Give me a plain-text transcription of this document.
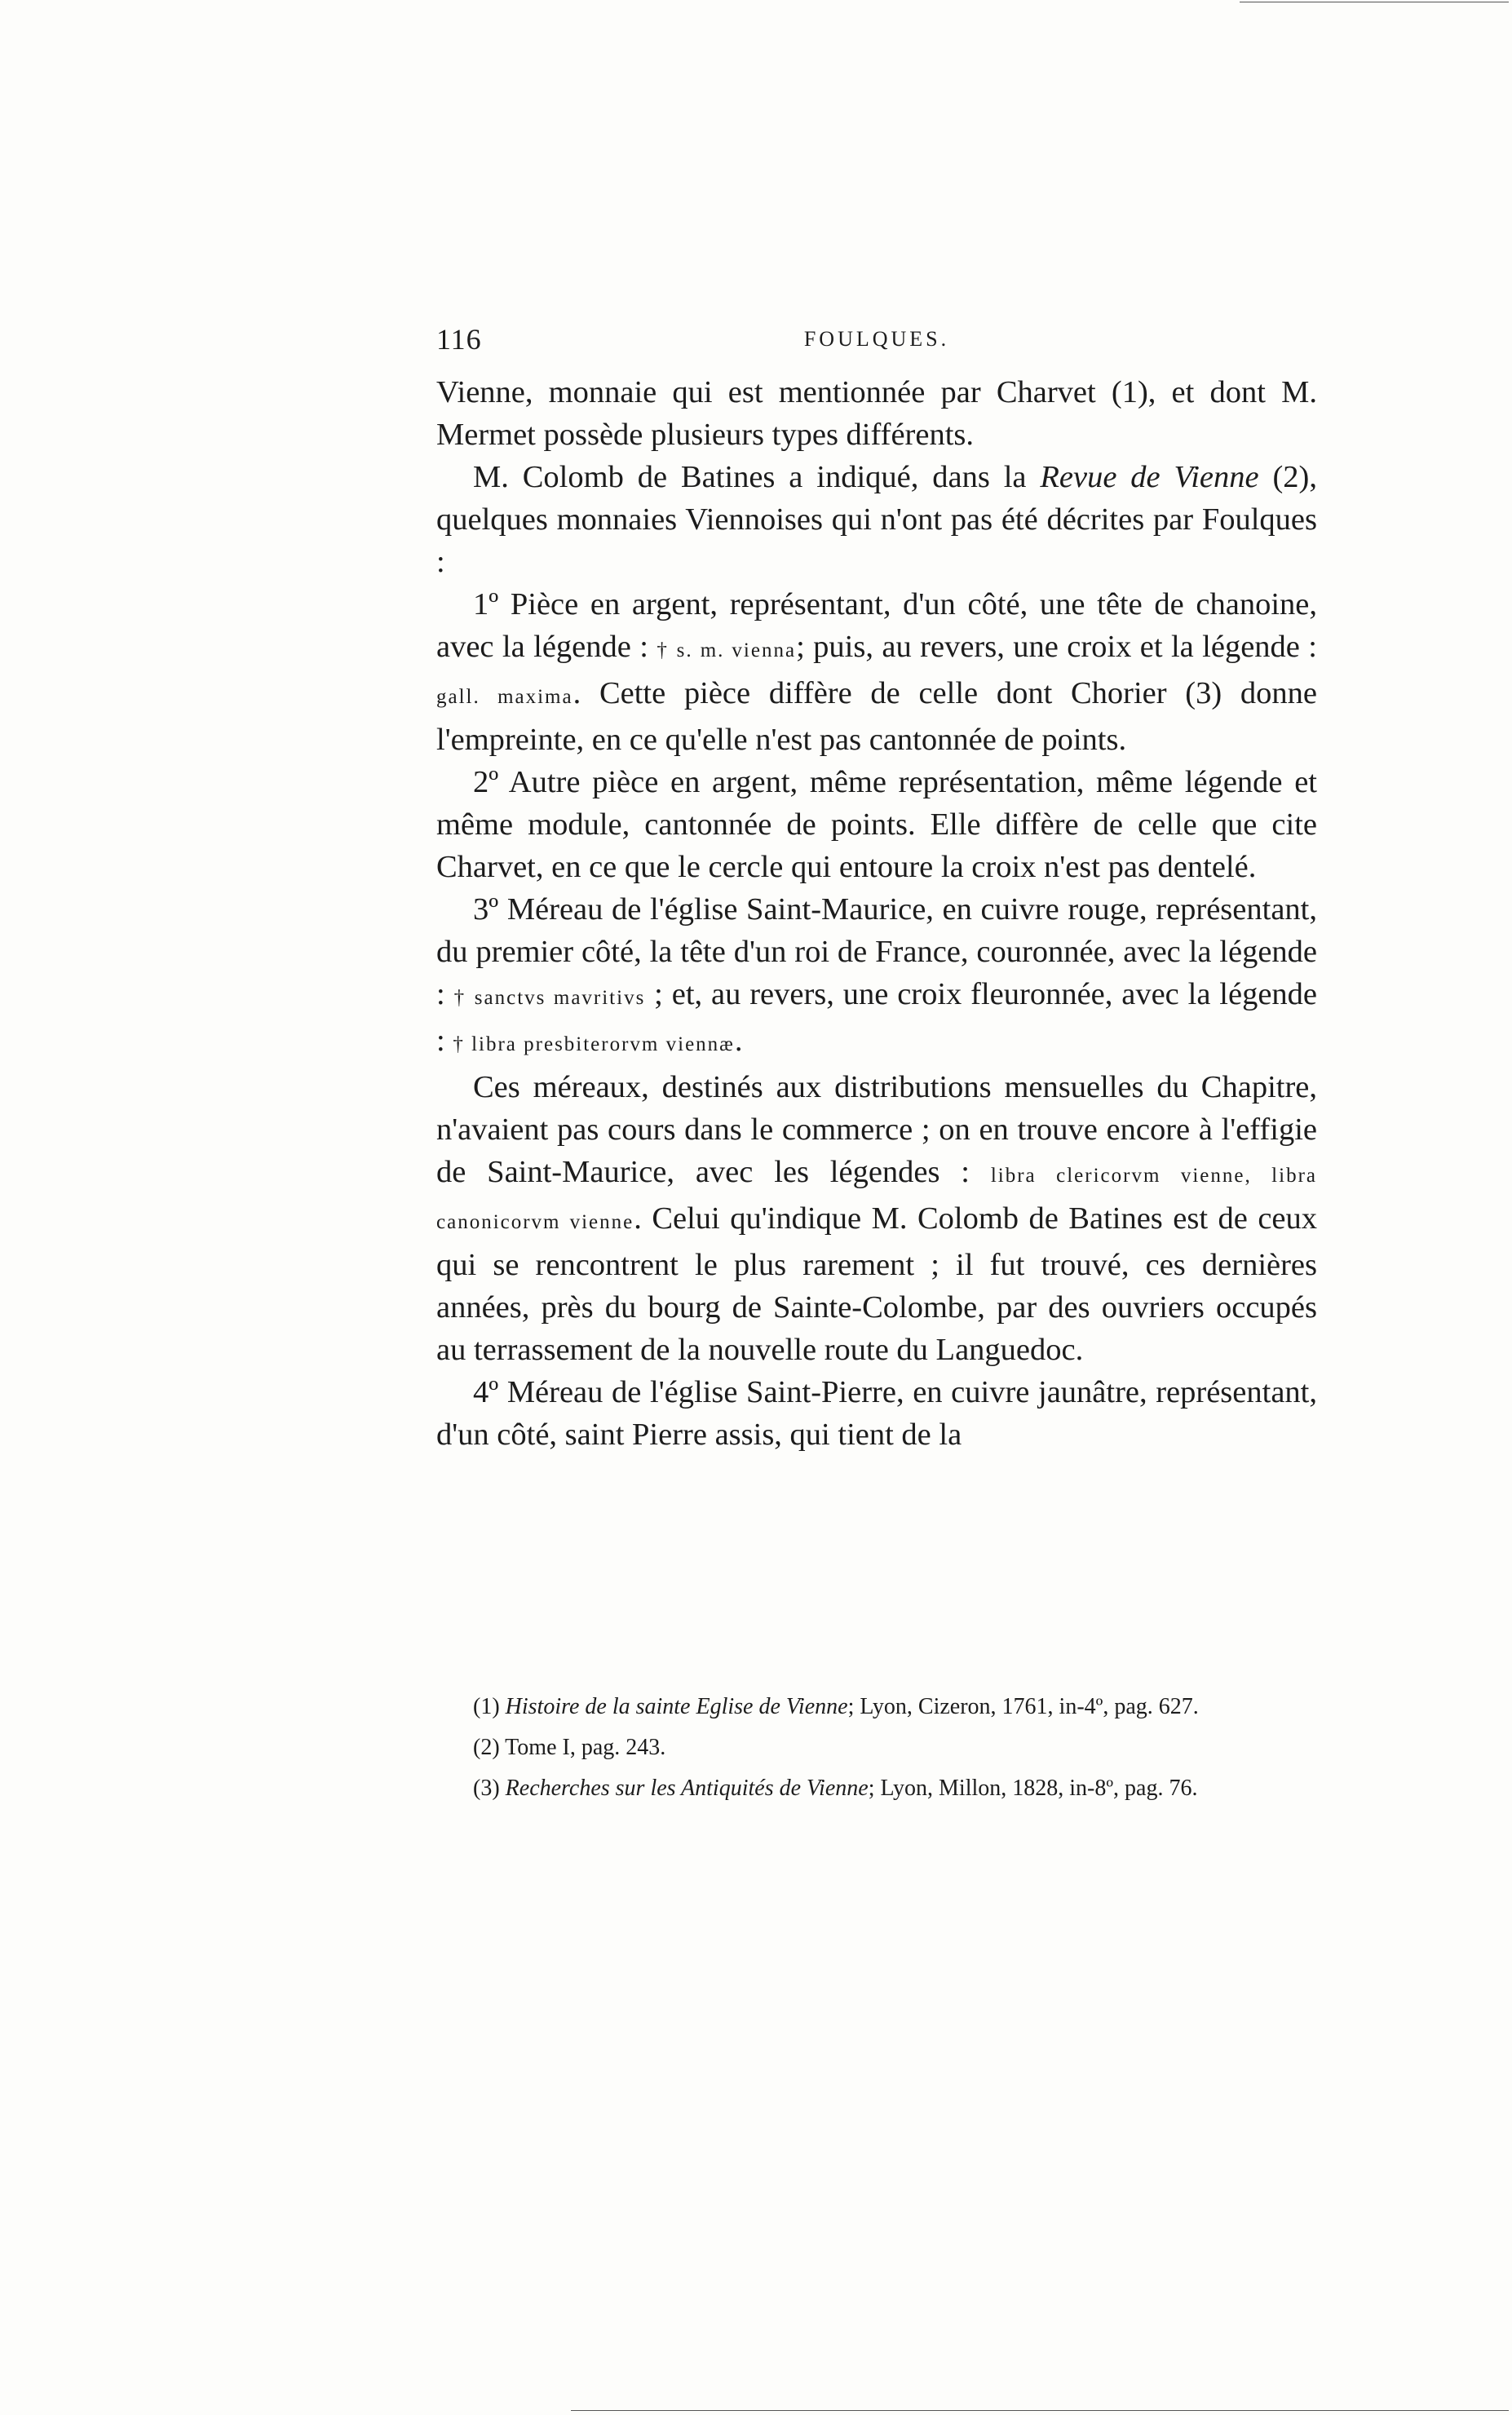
116	FOULQUES.

Vienne, monnaie qui est mentionnée par Charvet (1), et dont M. Mermet possède plusieurs types différents.

M. Colomb de Batines a indiqué, dans la Revue de Vienne (2), quelques monnaies Viennoises qui n'ont pas été décrites par Foulques :

1º Pièce en argent, représentant, d'un côté, une tête de chanoine, avec la légende : † s. m. vienna; puis, au revers, une croix et la légende : gall. maxima. Cette pièce diffère de celle dont Chorier (3) donne l'empreinte, en ce qu'elle n'est pas cantonnée de points.

2º Autre pièce en argent, même représentation, même légende et même module, cantonnée de points. Elle diffère de celle que cite Charvet, en ce que le cercle qui entoure la croix n'est pas dentelé.

3º Méreau de l'église Saint-Maurice, en cuivre rouge, représentant, du premier côté, la tête d'un roi de France, couronnée, avec la légende : † sanctvs mavritivs ; et, au revers, une croix fleuronnée, avec la légende : † libra presbiterorvm viennæ.

Ces méreaux, destinés aux distributions mensuelles du Chapitre, n'avaient pas cours dans le commerce ; on en trouve encore à l'effigie de Saint-Maurice, avec les légendes : libra clericorvm vienne, libra canonicorvm vienne. Celui qu'indique M. Colomb de Batines est de ceux qui se rencontrent le plus rarement ; il fut trouvé, ces dernières années, près du bourg de Sainte-Colombe, par des ouvriers occupés au terrassement de la nouvelle route du Languedoc.

4º Méreau de l'église Saint-Pierre, en cuivre jaunâtre, représentant, d'un côté, saint Pierre assis, qui tient de la

(1) Histoire de la sainte Eglise de Vienne; Lyon, Cizeron, 1761, in-4º, pag. 627.

(2) Tome I, pag. 243.

(3) Recherches sur les Antiquités de Vienne; Lyon, Millon, 1828, in-8º, pag. 76.
